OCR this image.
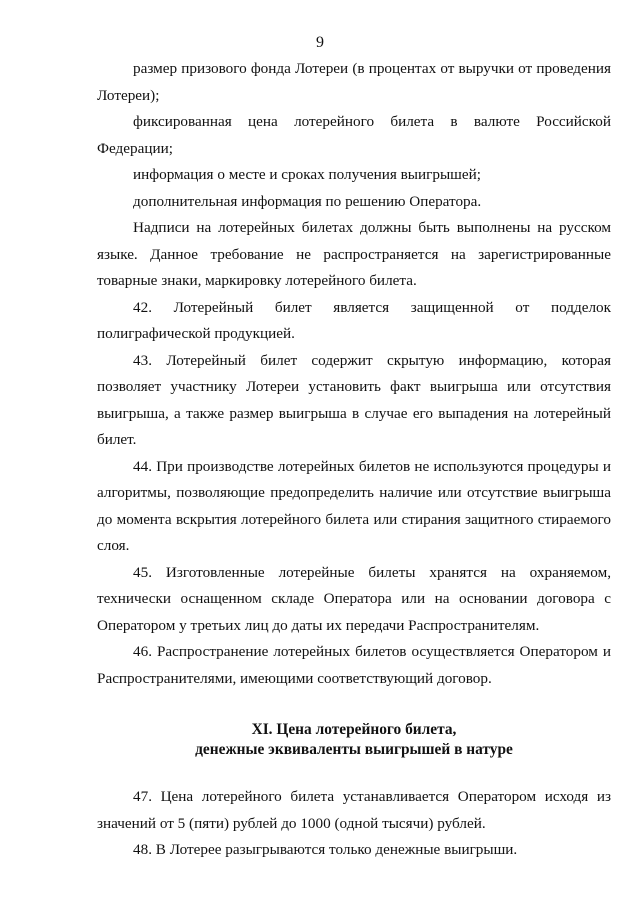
9

размер призового фонда Лотереи (в процентах от выручки от проведения Лотереи);

фиксированная цена лотерейного билета в валюте Российской Федерации;

информация о месте и сроках получения выигрышей;

дополнительная информация по решению Оператора.

Надписи на лотерейных билетах должны быть выполнены на русском языке. Данное требование не распространяется на зарегистрированные товарные знаки, маркировку лотерейного билета.

42. Лотерейный билет является защищенной от подделок полиграфической продукцией.

43. Лотерейный билет содержит скрытую информацию, которая позволяет участнику Лотереи установить факт выигрыша или отсутствия выигрыша, а также размер выигрыша в случае его выпадения на лотерейный билет.

44. При производстве лотерейных билетов не используются процедуры и алгоритмы, позволяющие предопределить наличие или отсутствие выигрыша до момента вскрытия лотерейного билета или стирания защитного стираемого слоя.

45. Изготовленные лотерейные билеты хранятся на охраняемом, технически оснащенном складе Оператора или на основании договора с Оператором у третьих лиц до даты их передачи Распространителям.

46. Распространение лотерейных билетов осуществляется Оператором и Распространителями, имеющими соответствующий договор.

XI. Цена лотерейного билета,
денежные эквиваленты выигрышей в натуре

47. Цена лотерейного билета устанавливается Оператором исходя из значений от 5 (пяти) рублей до 1000 (одной тысячи) рублей.

48. В Лотерее разыгрываются только денежные выигрыши.
